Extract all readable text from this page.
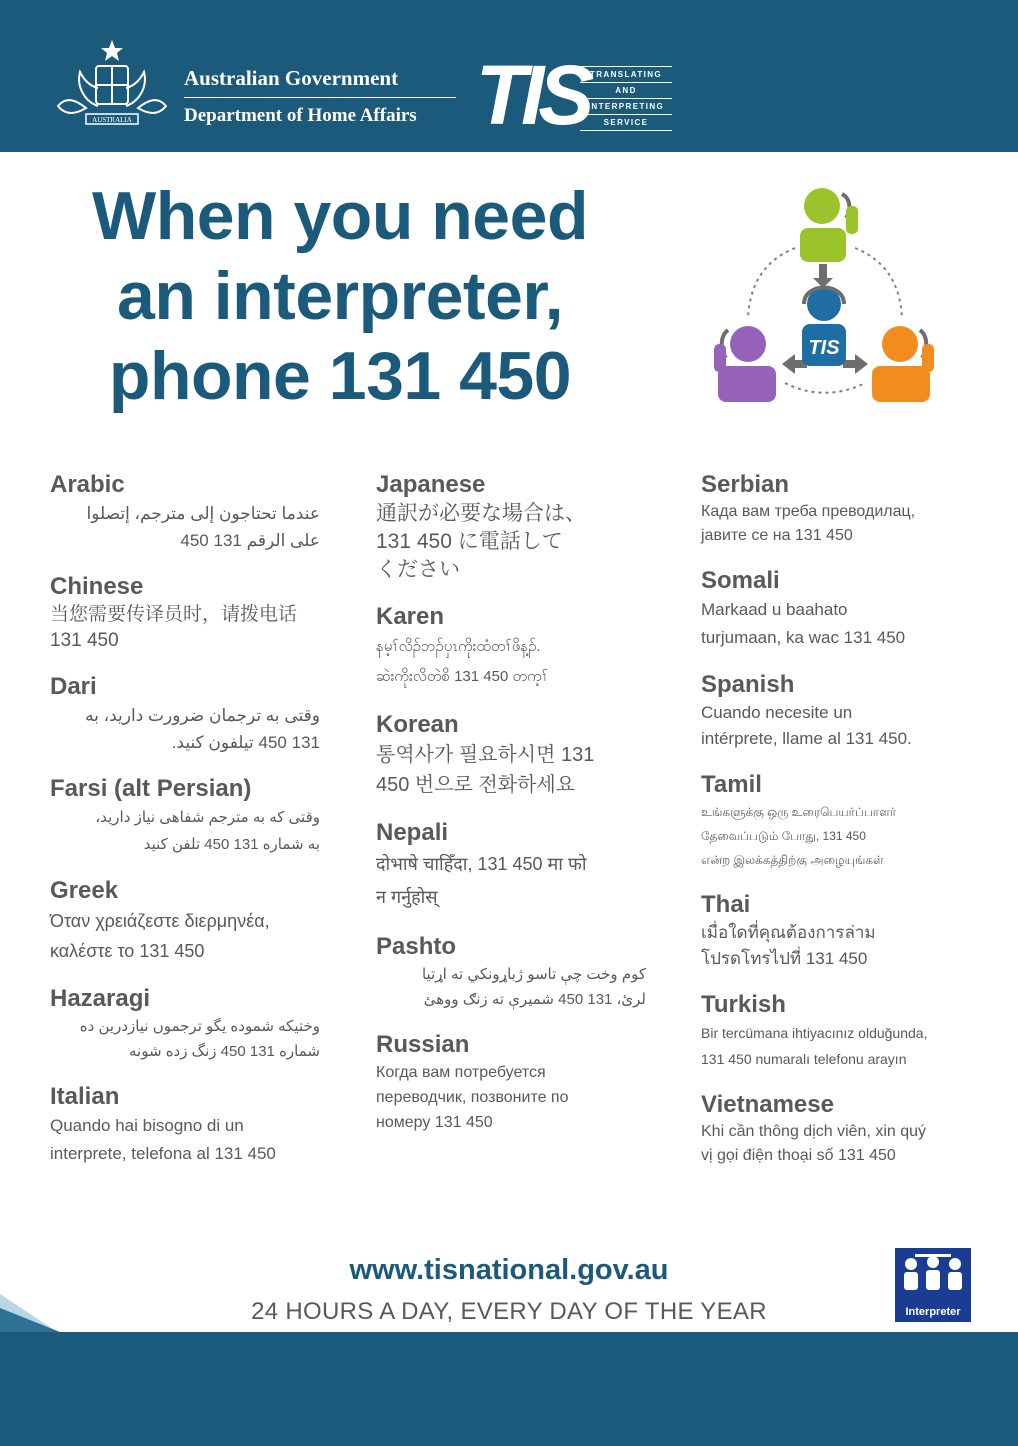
AUSTRALIA
Australian Government
Department of Home Affairs TIS TRANSLATING
AND
INTERPRETING
SERVICE
When you need
an interpreter,
phone 131 450	TIS
Arabic
عندما تحتاجون إلى مترجم، إتصلوا
على الرقم 131 450
Chinese
当您需要传译员时，请拨电话
131 450
Dari
وقتی به ترجمان ضرورت دارید، به
131 450 تیلفون کنید.
Farsi (alt Persian)
وقتی که به مترجم شفاهی نیاز دارید،
به شماره 131 450 تلفن کنید
Greek
Όταν χρειάζεστε διερμηνέα,
καλέστε το 131 450
Hazaragi
وختیکه شموده یگو ترجموں نیازدرین ده
شماره 131 450 زنگ زده شونه
Italian
Quando hai bisogno di un
interprete, telefona al 131 450
Japanese
通訳が必要な場合は、
131 450 に電話して
ください
Karen
နမ့ၢ်လိၣ်ဘၣ်ပှၤကိုးထံတၢ်ဖိန့ၣ်.
ဆဲးကိုးလိတဲစိ 131 450 တက့ၢ်
Korean
통역사가 필요하시면 131
450 번으로 전화하세요
Nepali
दोभाषे चाहिँदा, 131 450 मा फो
न गर्नुहोस्
Pashto
کوم وخت چې تاسو ژباړونکي ته اړتیا
لرئ، 131 450 شمیرې ته زنګ ووهئ
Russian
Когда вам потребуется
переводчик, позвоните по
номеру 131 450
Serbian
Када вам треба преводилац,
јавите се на 131 450
Somali
Markaad u baahato
turjumaan, ka wac 131 450
Spanish
Cuando necesite un
intérprete, llame al 131 450.
Tamil
உங்களுக்கு ஒரு உரைபெயர்ப்பாளர்
தேவைப்படும் போது, 131 450
என்ற இலக்கத்திற்கு அழையுங்கள்
Thai
เมื่อใดที่คุณต้องการล่าม
โปรดโทรไปที่ 131 450
Turkish
Bir tercümana ihtiyacınız olduğunda,
131 450 numaralı telefonu arayın
Vietnamese
Khi cần thông dịch viên, xin quý
vị gọi điện thoại số 131 450
www.tisnational.gov.au
24 HOURS A DAY, EVERY DAY OF THE YEAR	Interpreter
